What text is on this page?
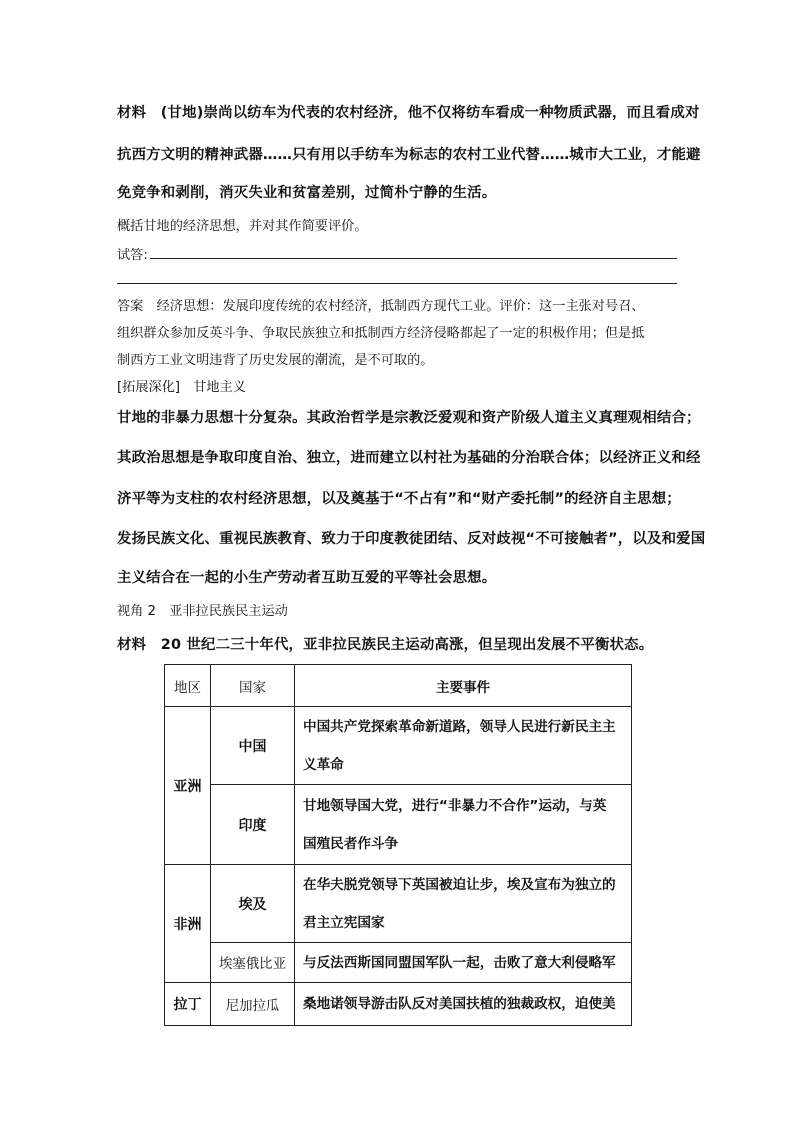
材料　(甘地)崇尚以纺车为代表的农村经济，他不仅将纺车看成一种物质武器，而且看成对
抗西方文明的精神武器……只有用以手纺车为标志的农村工业代替……城市大工业，才能避
免竞争和剥削，消灭失业和贫富差别，过简朴宁静的生活。
概括甘地的经济思想，并对其作简要评价。
试答:
答案　经济思想：发展印度传统的农村经济，抵制西方现代工业。评价：这一主张对号召、
组织群众参加反英斗争、争取民族独立和抵制西方经济侵略都起了一定的积极作用；但是抵
制西方工业文明违背了历史发展的潮流，是不可取的。
[拓展深化]　甘地主义
甘地的非暴力思想十分复杂。其政治哲学是宗教泛爱观和资产阶级人道主义真理观相结合；
其政治思想是争取印度自治、独立，进而建立以村社为基础的分治联合体；以经济正义和经
济平等为支柱的农村经济思想，以及奠基于“不占有”和“财产委托制”的经济自主思想；
发扬民族文化、重视民族教育、致力于印度教徒团结、反对歧视“不可接触者”，以及和爱国
主义结合在一起的小生产劳动者互助互爱的平等社会思想。
视角 2　亚非拉民族民主运动
材料　20 世纪二三十年代，亚非拉民族民主运动高涨，但呈现出发展不平衡状态。
地区	国家	主要事件
亚洲	中国	中国共产党探索革命新道路，领导人民进行新民主主
义革命

	印度	甘地领导国大党，进行“非暴力不合作”运动，与英
国殖民者作斗争

非洲	埃及	在华夫脱党领导下英国被迫让步，埃及宣布为独立的
君主立宪国家

	埃塞俄比亚	与反法西斯国同盟国军队一起，击败了意大利侵略军

拉丁	尼加拉瓜	桑地诺领导游击队反对美国扶植的独裁政权，迫使美
